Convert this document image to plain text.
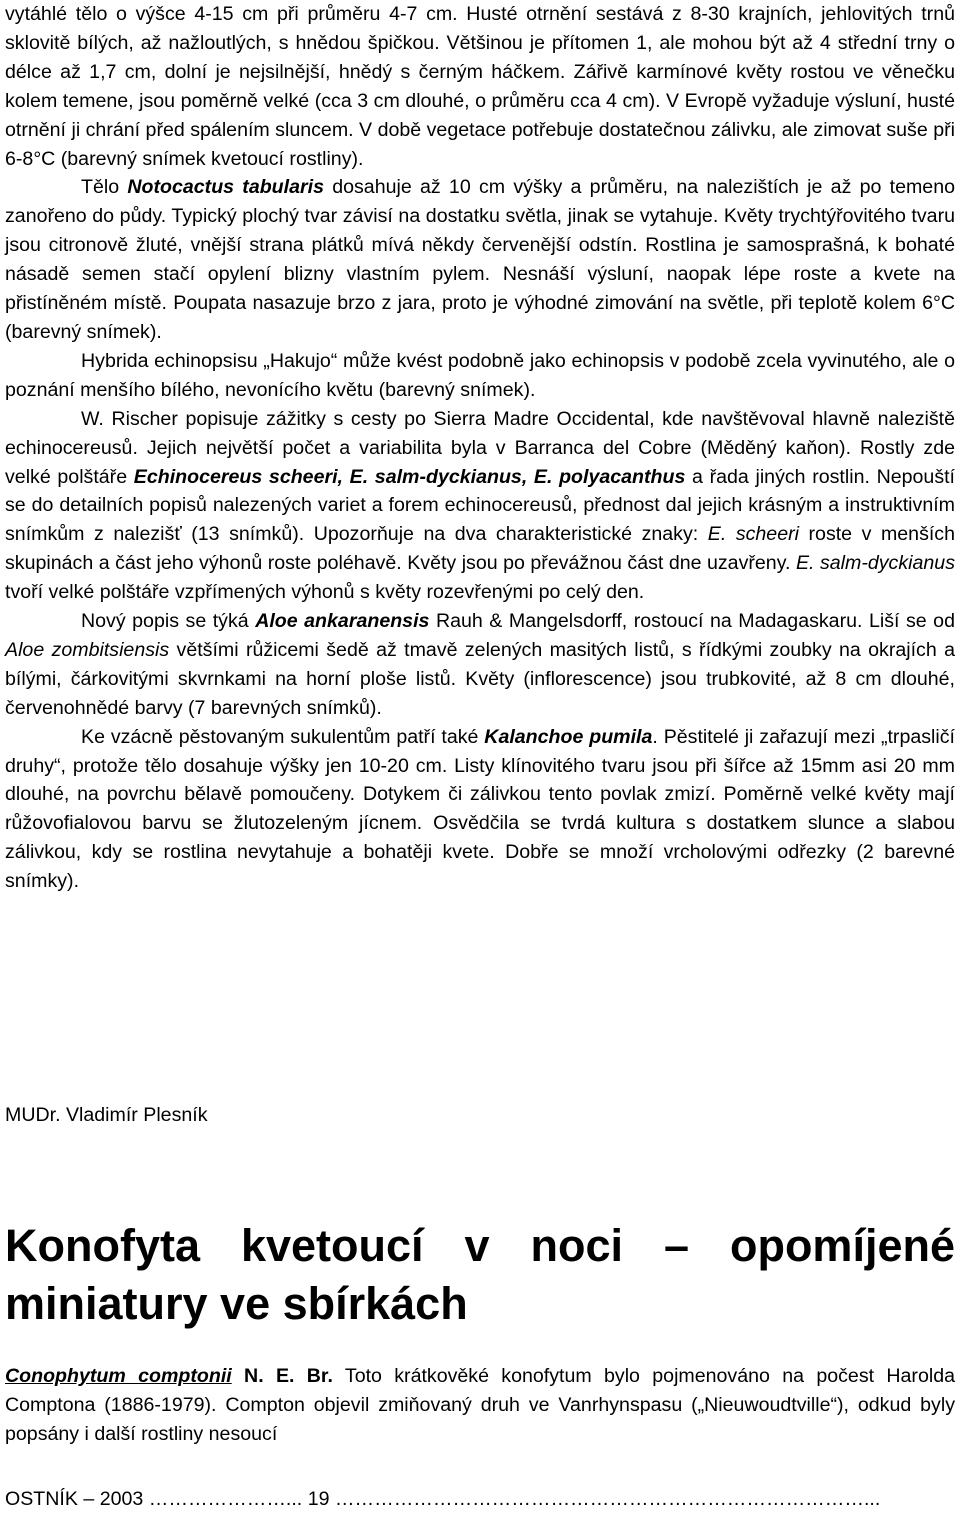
vytáhlé tělo o výšce 4-15 cm při průměru 4-7 cm. Husté otrnění sestává z 8-30 krajních, jehlovitých trnů sklovitě bílých, až nažloutlých, s hnědou špičkou. Většinou je přítomen 1, ale mohou být až 4 střední trny o délce až 1,7 cm, dolní je nejsilnější, hnědý s černým háčkem. Zářivě karmínové květy rostou ve věnečku kolem temene, jsou poměrně velké (cca 3 cm dlouhé, o průměru cca 4 cm). V Evropě vyžaduje výsluní, husté otrnění ji chrání před spálením sluncem. V době vegetace potřebuje dostatečnou zálivku, ale zimovat suše při 6-8°C (barevný snímek kvetoucí rostliny).

Tělo Notocactus tabularis dosahuje až 10 cm výšky a průměru, na nalezištích je až po temeno zanořeno do půdy. Typický plochý tvar závisí na dostatku světla, jinak se vytahuje. Květy trychtýřovitého tvaru jsou citronově žluté, vnější strana plátků mívá někdy červenější odstín. Rostlina je samosprašná, k bohaté násadě semen stačí opylení blizny vlastním pylem. Nesnáší výsluní, naopak lépe roste a kvete na přistíněném místě. Poupata nasazuje brzo z jara, proto je výhodné zimování na světle, při teplotě kolem 6°C (barevný snímek).

Hybrida echinopsisu „Hakujo“ může kvést podobně jako echinopsis v podobě zcela vyvinutého, ale o poznání menšího bílého, nevonícího květu (barevný snímek).

W. Rischer popisuje zážitky s cesty po Sierra Madre Occidental, kde navštěvoval hlavně naleziště echinocereusů. Jejich největší počet a variabilita byla v Barranca del Cobre (Měděný kaňon). Rostly zde velké polštáře Echinocereus scheeri, E. salm-dyckianus, E. polyacanthus a řada jiných rostlin. Nepouští se do detailních popisů nalezených variet a forem echinocereusů, přednost dal jejich krásným a instruktivním snímkům z nalezišť (13 snímků). Upozorňuje na dva charakteristické znaky: E. scheeri roste v menších skupinách a část jeho výhonů roste poléhavě. Květy jsou po převážnou část dne uzavřeny. E. salm-dyckianus tvoří velké polštáře vzpřímených výhonů s květy rozevřenými po celý den.

Nový popis se týká Aloe ankaranensis Rauh & Mangelsdorff, rostoucí na Madagaskaru. Liší se od Aloe zombitsiensis většími růžicemi šedě až tmavě zelených masitých listů, s řídkými zoubky na okrajích a bílými, čárkovitými skvrnkami na horní ploše listů. Květy (inflorescence) jsou trubkovité, až 8 cm dlouhé, červenohnědé barvy (7 barevných snímků).

Ke vzácně pěstovaným sukulentům patří také Kalanchoe pumila. Pěstitelé ji zařazují mezi „trpasličí druhy“, protože tělo dosahuje výšky jen 10-20 cm. Listy klínovitého tvaru jsou při šířce až 15mm asi 20 mm dlouhé, na povrchu bělavě pomoučeny. Dotykem či zálivkou tento povlak zmizí. Poměrně velké květy mají růžovofialovou barvu se žlutozeleným jícnem. Osvědčila se tvrdá kultura s dostatkem slunce a slabou zálivkou, kdy se rostlina nevytahuje a bohatěji kvete. Dobře se množí vrcholovými odřezky (2 barevné snímky).

MUDr. Vladimír Plesník

Konofyta kvetoucí v noci – opomíjené miniatury ve sbírkách

Conophytum comptonii N. E. Br. Toto krátkověké konofytum bylo pojmenováno na počest Harolda Comptona (1886-1979). Compton objevil zmiňovaný druh ve Vanrhynspasu („Nieuwoudtville“), odkud byly popsány i další rostliny nesoucí

OSTNÍK – 2003 …………………... 19 ………………………………………………………………………...
